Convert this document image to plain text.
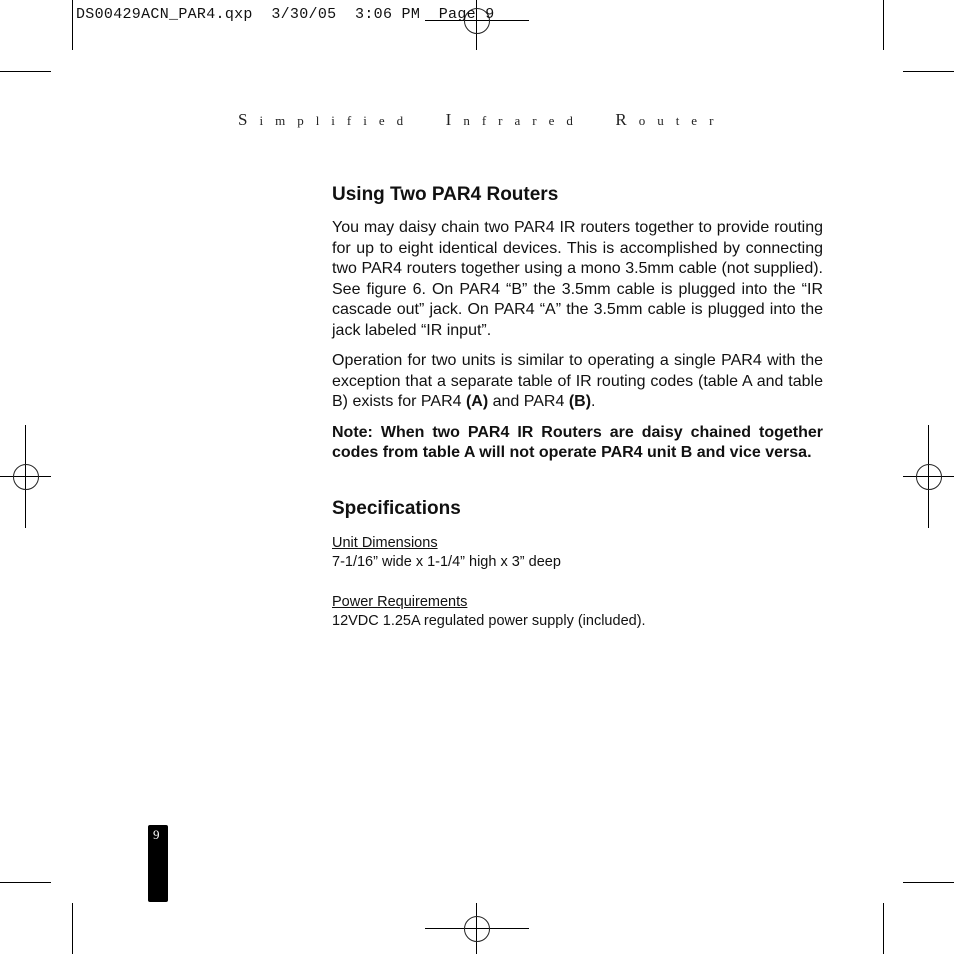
DS00429ACN_PAR4.qxp  3/30/05  3:06 PM  Page 9
Simplified  Infrared  Router
Using Two PAR4 Routers

You may daisy chain two PAR4 IR routers together to provide routing for up to eight identical devices. This is accomplished by connecting two PAR4 routers together using a mono 3.5mm cable (not supplied). See figure 6. On PAR4 “B” the 3.5mm cable is plugged into the “IR cascade out” jack. On PAR4 “A” the 3.5mm cable is plugged into the jack labeled “IR input”.

Operation for two units is similar to operating a single PAR4 with the exception that a separate table of IR routing codes (table A and table B) exists for PAR4 (A) and PAR4 (B).

Note: When two PAR4 IR Routers are daisy chained together codes from table A will not operate PAR4 unit B and vice versa.

Specifications
Unit Dimensions
7-1/16” wide x 1-1/4” high x 3” deep
Power Requirements
12VDC 1.25A regulated power supply (included).
9
